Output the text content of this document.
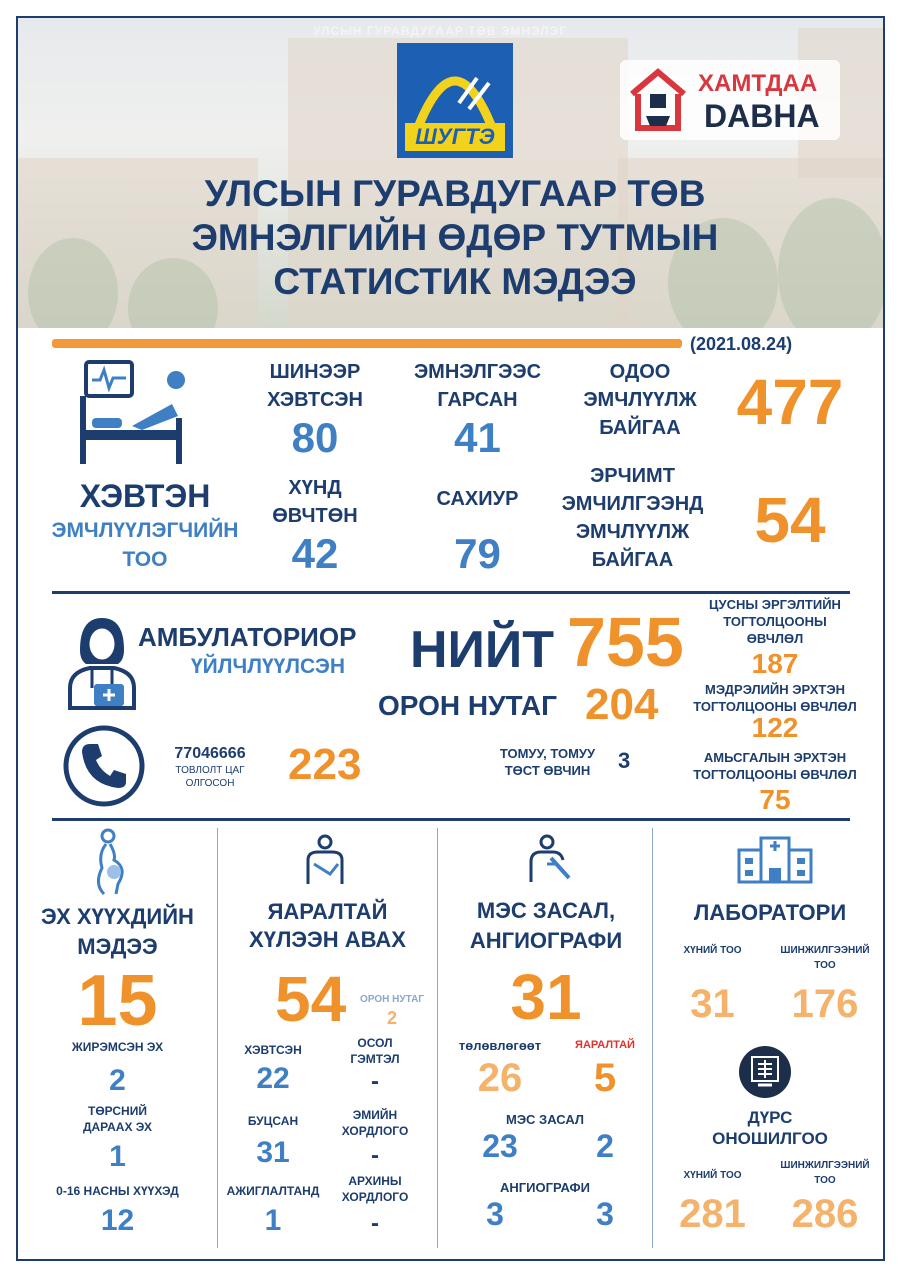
УЛСЫН ГУРАВДУГААР ТӨВ ЭМНЭЛЭГ
ШУГТЭ
ХАМТДАА
DAВНА
УЛСЫН ГУРАВДУГААР ТӨВ
ЭМНЭЛГИЙН ӨДӨР ТУТМЫН
СТАТИСТИК МЭДЭЭ
(2021.08.24)
ХЭВТЭН
ЭМЧЛҮҮЛЭГЧИЙН
ТОО
ШИНЭЭР
ХЭВТСЭН
80
ЭМНЭЛГЭЭС
ГАРСАН
41
ОДОО
ЭМЧЛҮҮЛЖ
БАЙГАА 477
ХҮНД
ӨВЧТӨН
42
САХИУР
79
ЭРЧИМТ
ЭМЧИЛГЭЭНД
ЭМЧЛҮҮЛЖ
БАЙГАА
54
АМБУЛАТОРИОР
ҮЙЛЧЛҮҮЛСЭН	НИЙТ 755
ОРОН НУТАГ 204
77046666
ТОВЛОЛТ ЦАГ
ОЛГОСОН	223	ТОМУУ, ТОМУУ
ТӨСТ ӨВЧИН	3
ЦУСНЫ ЭРГЭЛТИЙН
ТОГТОЛЦООНЫ
ӨВЧЛӨЛ
187
МЭДРЭЛИЙН ЭРХТЭН
ТОГТОЛЦООНЫ ӨВЧЛӨЛ
122
АМЬСГАЛЫН ЭРХТЭН
ТОГТОЛЦООНЫ ӨВЧЛӨЛ
75
ЭХ ХҮҮХДИЙН
МЭДЭЭ
15
ЖИРЭМСЭН ЭХ
2
ТӨРСНИЙ
ДАРААХ ЭХ
1
0-16 НАСНЫ ХҮҮХЭД
12
ЯАРАЛТАЙ
ХҮЛЭЭН АВАХ
54	ОРОН НУТАГ
2
ХЭВТСЭН
22
ОСОЛ
ГЭМТЭЛ
-
БУЦСАН
31
ЭМИЙН
ХОРДЛОГО
-
АЖИГЛАЛТАНД
1
АРХИНЫ
ХОРДЛОГО
-
МЭС ЗАСАЛ,
АНГИОГРАФИ
31
төлөвлөгөөт	ЯАРАЛТАЙ
26	5
МЭС ЗАСАЛ
23	2
АНГИОГРАФИ
3	3
ЛАБОРАТОРИ
ХҮНИЙ ТОО	ШИНЖИЛГЭЭНИЙ
ТОО
31	176
ДҮРС
ОНОШИЛГОО
ХҮНИЙ ТОО
ШИНЖИЛГЭЭНИЙ
ТОО
281	286
